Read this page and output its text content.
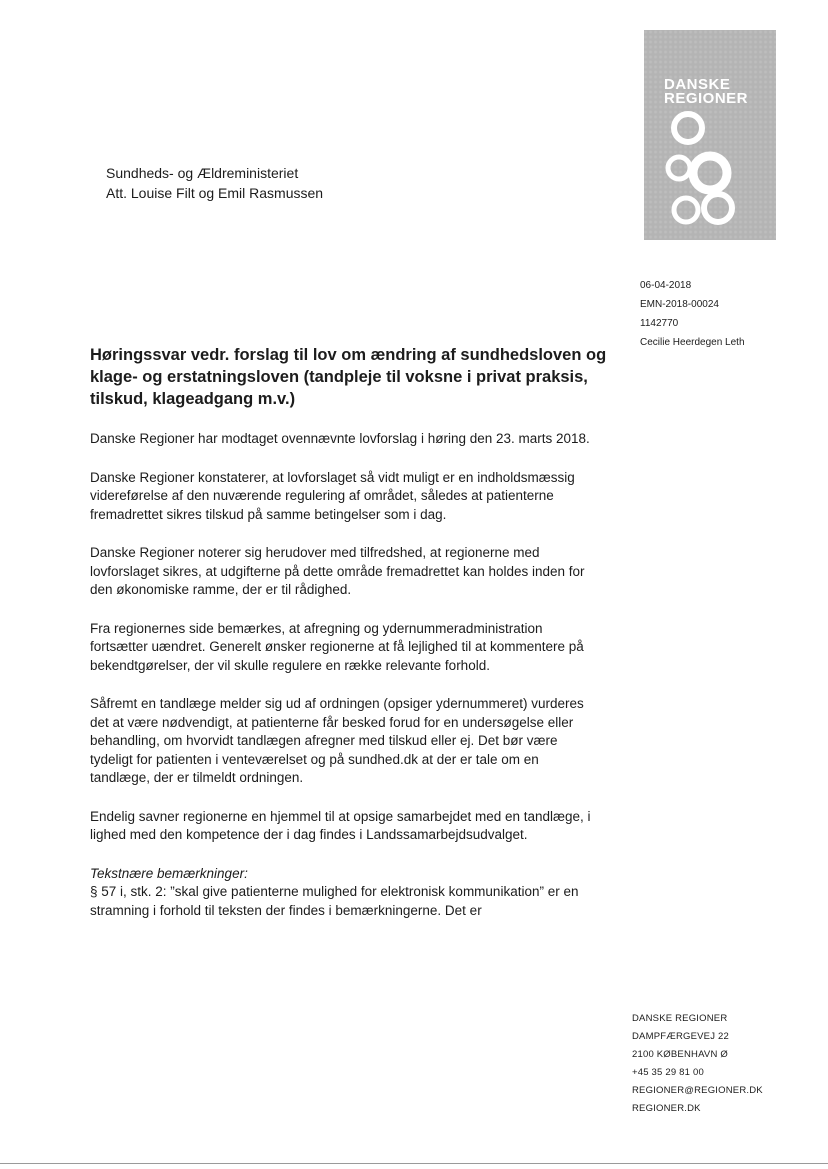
DANSKE
REGIONER
Sundheds- og Ældreministeriet
Att. Louise Filt og Emil Rasmussen
06-04-2018
EMN-2018-00024
1142770
Cecilie Heerdegen Leth
Høringssvar vedr. forslag til lov om ændring af sundhedsloven og klage- og erstatningsloven (tandpleje til voksne i privat praksis, tilskud, klageadgang m.v.)

Danske Regioner har modtaget ovennævnte lovforslag i høring den 23. marts 2018.

Danske Regioner konstaterer, at lovforslaget så vidt muligt er en indholdsmæssig videreførelse af den nuværende regulering af området, således at patienterne fremadrettet sikres tilskud på samme betingelser som i dag.

Danske Regioner noterer sig herudover med tilfredshed, at regionerne med lovforslaget sikres, at udgifterne på dette område fremadrettet kan holdes inden for den økonomiske ramme, der er til rådighed.

Fra regionernes side bemærkes, at afregning og ydernummeradministration fortsætter uændret. Generelt ønsker regionerne at få lejlighed til at kommentere på bekendtgørelser, der vil skulle regulere en række relevante forhold.

Såfremt en tandlæge melder sig ud af ordningen (opsiger ydernummeret) vurderes det at være nødvendigt, at patienterne får besked forud for en undersøgelse eller behandling, om hvorvidt tandlægen afregner med tilskud eller ej. Det bør være tydeligt for patienten i venteværelset og på sundhed.dk at der er tale om en tandlæge, der er tilmeldt ordningen.

Endelig savner regionerne en hjemmel til at opsige samarbejdet med en tandlæge, i lighed med den kompetence der i dag findes i Landssamarbejdsudvalget.

Tekstnære bemærkninger:
§ 57 i, stk. 2: ”skal give patienterne mulighed for elektronisk kommunikation” er en stramning i forhold til teksten der findes i bemærkningerne. Det er
DANSKE REGIONER
DAMPFÆRGEVEJ 22
2100 KØBENHAVN Ø
+45 35 29 81 00
REGIONER@REGIONER.DK
REGIONER.DK
